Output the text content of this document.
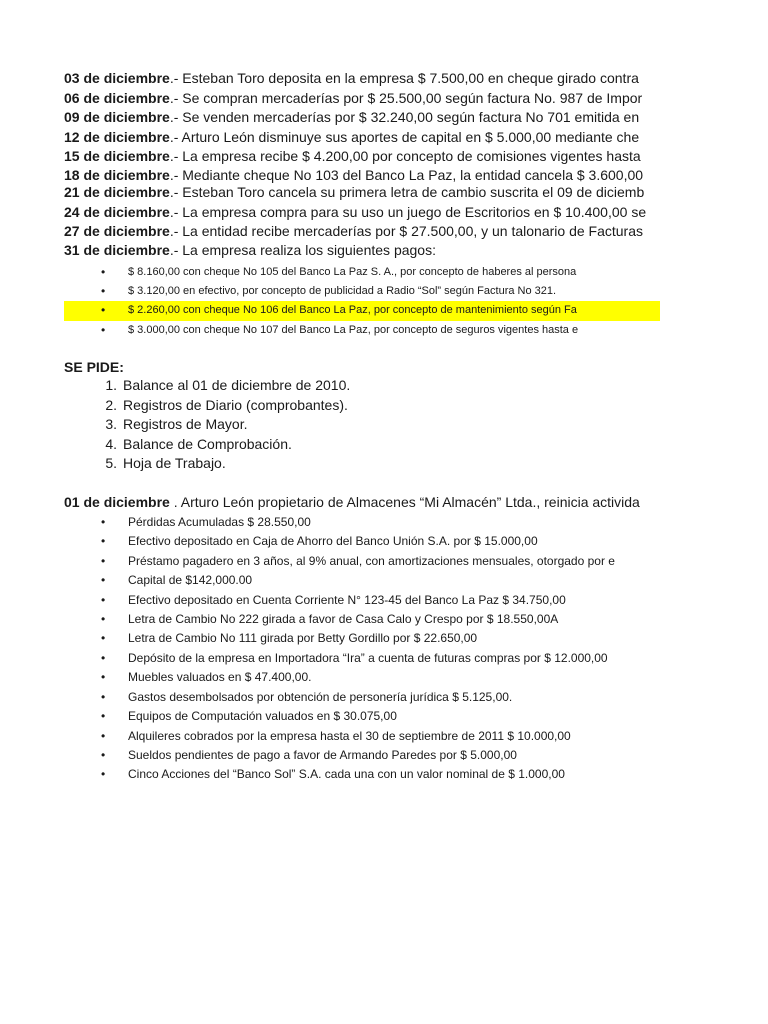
03 de diciembre.- Esteban Toro deposita en la empresa $ 7.500,00 en cheque girado contra
06 de diciembre.- Se compran mercaderías por $ 25.500,00 según factura No. 987 de Impor
09 de diciembre.- Se venden mercaderías por $ 32.240,00 según factura No 701 emitida en
12 de diciembre.- Arturo León disminuye sus aportes de capital en $ 5.000,00 mediante che
15 de diciembre.- La empresa recibe $ 4.200,00 por concepto de comisiones vigentes hasta
18 de diciembre.- Mediante cheque No 103 del Banco La Paz, la entidad cancela $ 3.600,00
21 de diciembre.- Esteban Toro cancela su primera letra de cambio suscrita el 09 de diciemb
24 de diciembre.- La empresa compra para su uso un juego de Escritorios en $ 10.400,00 se
27 de diciembre.- La entidad recibe mercaderías por $ 27.500,00, y un talonario de Facturas
31 de diciembre.- La empresa realiza los siguientes pagos:
• $ 8.160,00 con cheque No 105 del Banco La Paz S. A., por concepto de haberes al persona
• $ 3.120,00 en efectivo, por concepto de publicidad a Radio “Sol” según Factura No 321.
• $ 2.260,00 con cheque No 106 del Banco La Paz, por concepto de mantenimiento según Fa
• $ 3.000,00 con cheque No 107 del Banco La Paz, por concepto de seguros vigentes hasta e
SE PIDE:
1. Balance al 01 de diciembre de 2010.
2. Registros de Diario (comprobantes).
3. Registros de Mayor.
4. Balance de Comprobación.
5. Hoja de Trabajo.
01 de diciembre . Arturo León propietario de Almacenes “Mi Almacén” Ltda., reinicia activida
• Pérdidas Acumuladas $ 28.550,00
• Efectivo depositado en Caja de Ahorro del Banco Unión S.A. por $ 15.000,00
• Préstamo pagadero en 3 años, al 9% anual, con amortizaciones mensuales, otorgado por e
• Capital de $142,000.00
• Efectivo depositado en Cuenta Corriente N° 123-45 del Banco La Paz $ 34.750,00
• Letra de Cambio No 222 girada a favor de Casa Calo y Crespo por $ 18.550,00A
• Letra de Cambio No 111 girada por Betty Gordillo por $ 22.650,00
• Depósito de la empresa en Importadora “Ira” a cuenta de futuras compras por $ 12.000,00
• Muebles valuados en $ 47.400,00.
• Gastos desembolsados por obtención de personería jurídica $ 5.125,00.
• Equipos de Computación valuados en $ 30.075,00
• Alquileres cobrados por la empresa hasta el 30 de septiembre de 2011 $ 10.000,00
• Sueldos pendientes de pago a favor de Armando Paredes por $ 5.000,00
• Cinco Acciones del “Banco Sol” S.A. cada una con un valor nominal de $ 1.000,00
